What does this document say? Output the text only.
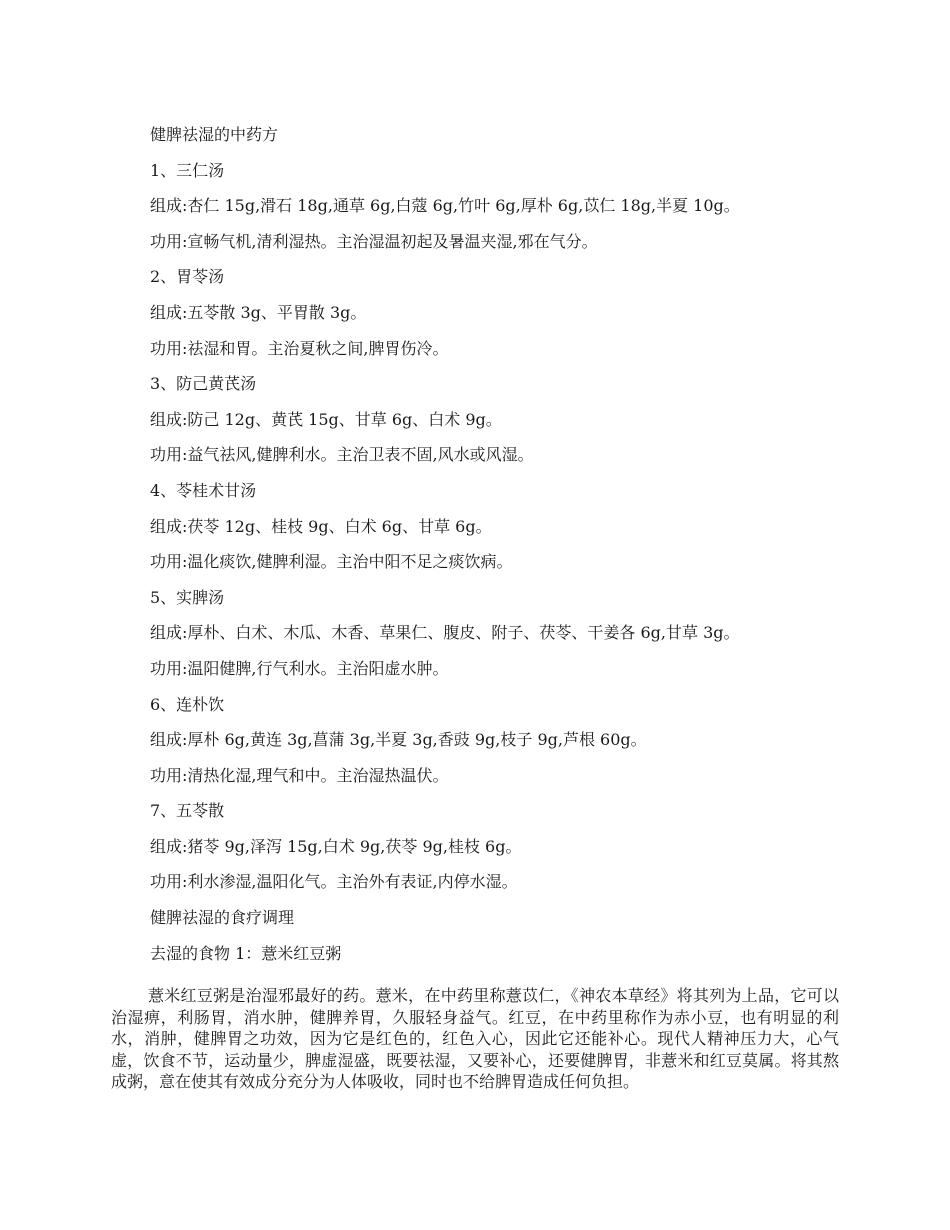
健脾祛湿的中药方
1、三仁汤
组成:杏仁 15g,滑石 18g,通草 6g,白蔻 6g,竹叶 6g,厚朴 6g,苡仁 18g,半夏 10g。
功用:宣畅气机,清利湿热。主治湿温初起及暑温夹湿,邪在气分。
2、胃苓汤
组成:五苓散 3g、平胃散 3g。
功用:祛湿和胃。主治夏秋之间,脾胃伤冷。
3、防己黄芪汤
组成:防己 12g、黄芪 15g、甘草 6g、白术 9g。
功用:益气祛风,健脾利水。主治卫表不固,风水或风湿。
4、苓桂术甘汤
组成:茯苓 12g、桂枝 9g、白术 6g、甘草 6g。
功用:温化痰饮,健脾利湿。主治中阳不足之痰饮病。
5、实脾汤
组成:厚朴、白术、木瓜、木香、草果仁、腹皮、附子、茯苓、干姜各 6g,甘草 3g。
功用:温阳健脾,行气利水。主治阳虚水肿。
6、连朴饮
组成:厚朴 6g,黄连 3g,菖蒲 3g,半夏 3g,香豉 9g,枝子 9g,芦根 60g。
功用:清热化湿,理气和中。主治湿热温伏。
7、五苓散
组成:猪苓 9g,泽泻 15g,白术 9g,茯苓 9g,桂枝 6g。
功用:利水渗湿,温阳化气。主治外有表证,内停水湿。
健脾祛湿的食疗调理
去湿的食物 1：薏米红豆粥
薏米红豆粥是治湿邪最好的药。薏米，在中药里称薏苡仁，《神农本草经》将其列为上品，它可以治湿痹，利肠胃，消水肿，健脾养胃，久服轻身益气。红豆，在中药里称作为赤小豆，也有明显的利水，消肿，健脾胃之功效，因为它是红色的，红色入心，因此它还能补心。现代人精神压力大，心气虚，饮食不节，运动量少，脾虚湿盛，既要祛湿，又要补心，还要健脾胃，非薏米和红豆莫属。将其熬成粥，意在使其有效成分充分为人体吸收，同时也不给脾胃造成任何负担。
